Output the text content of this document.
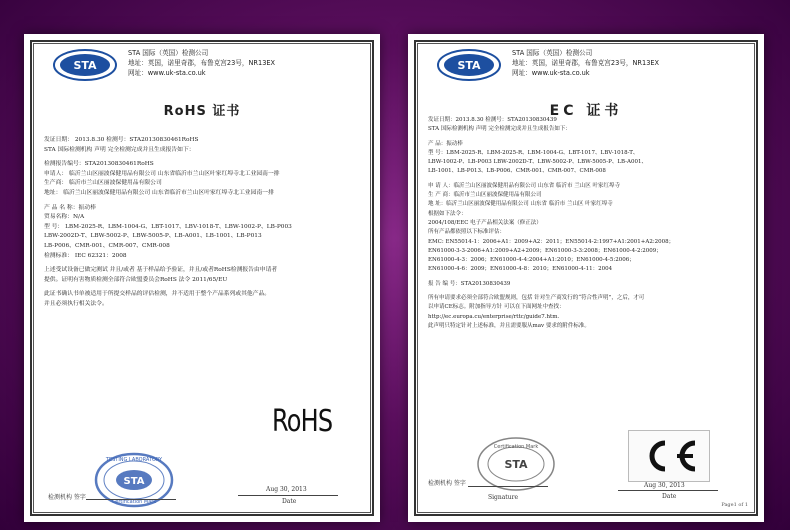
STA
STA 国际（英国）检测公司
地址：英国，诺里奇郡，布鲁克宫23号，NR13EX
网址：www.uk-sta.co.uk
RoHS 证书
发证日期： 2013.8.30 检测号：STA20130830461RoHS
STA 国际检测机构 声明 完全检测完成并且生成报告如下：
检测报告编号：STA20130830461RoHS
申请人： 临沂兰山区丽波保健用品有限公司 山东省临沂市兰山区叶家红埠寺北工业园南一排
生产商： 临沂市兰山区丽波保健用品有限公司
地址： 临沂兰山区丽波保健用品有限公司 山东省临沂市兰山区叶家红埠寺北工业园南一排
产 品 名 称：振动棒
贸易名称：N/A
型 号： LBM-2025-R、LBM-1004-G、LBT-1017、LBV-1018-T、LBW-1002-P、LB-P003
LBW-2002D-T、LBW-5002-P、LBW-5005-P、LB-A001、LB-1001、LB-P013
LB-P006、CMR-001、CMR-007、CMR-008
检测标准： IEC 62321：2008
上述受试设备已做完测试 并且/或者 基于样品给予验证，并且/或者RoHS检测报告由申请者
提供。证明有害物质检测全部符合欧盟委员会RoHS 法令 2011/65/EU
此证书确认书单被适用于所提交样品的评估检测，并不适用于整个产品系列或其他产品。
并且必须执行相关法令。
RoHS
STA
TESTING LABORATORY
Certification Mark
检测机构 签字
Aug 30, 2013
Date
STA
STA 国际（英国）检测公司
地址：英国，诺里奇郡，布鲁克宫23号，NR13EX
网址：www.uk-sta.co.uk
EC 证书
发证日期：2013.8.30 检测号：STA20130830439
STA 国际检测机构 声明 完全检测完成并且生成报告如下：
产 品：振动棒
型 号：LBM-2025-R、LBM-2025-R、LBM-1004-G、LBT-1017、LBV-1018-T、
LBW-1002-P、LB-P003 LBW-2002D-T、LBW-5002-P、LBW-5005-P、LB-A001、
LB-1001、LB-P013、LB-P006、CMR-001、CMR-007、CMR-008
申 请 人：临沂兰山区丽波保健用品有限公司 山东省 临沂市 兰山区 叶家红埠寺
生 产 商：临沂市兰山区丽波保健用品有限公司
地 址：临沂兰山区丽波保健用品有限公司 山东省 临沂市 兰山区 叶家红埠寺
根据如下法令：
2004/108/EEC 电子产品相关法案（修正法）
所有产品都依照以下标准评估：
EMC: EN55014-1：2006+A1：2009+A2：2011；EN55014-2:1997+A1:2001+A2:2008；
EN61000-3-3-2006+A1:2009+A2+2009；EN61000-3-3:2008；EN61000-4-2:2009；
EN61000-4-3：2006；EN61000-4-4:2004+A1:2010；EN61000-4-5:2006；
EN61000-4-6：2009；EN61000-4-8：2010；EN61000-4-11：2004
报 告 编 号：STA20130830439
所有申请要求必须全部符合欧盟规则，包括 针对生产商发行的“符合性声明”，之后，才可
以申请CE标志。附加指导方针 可以在下面网址中查找：
http://ec.europa.cu/enterprise/rttc/guide7.htm.
此声明只特定针对上述标准，并且需要服从mav 要求的附件标准。
STA
Certification Mark
检测机构 签字
Signature
Aug 30, 2013
Date
Page1 of 1
